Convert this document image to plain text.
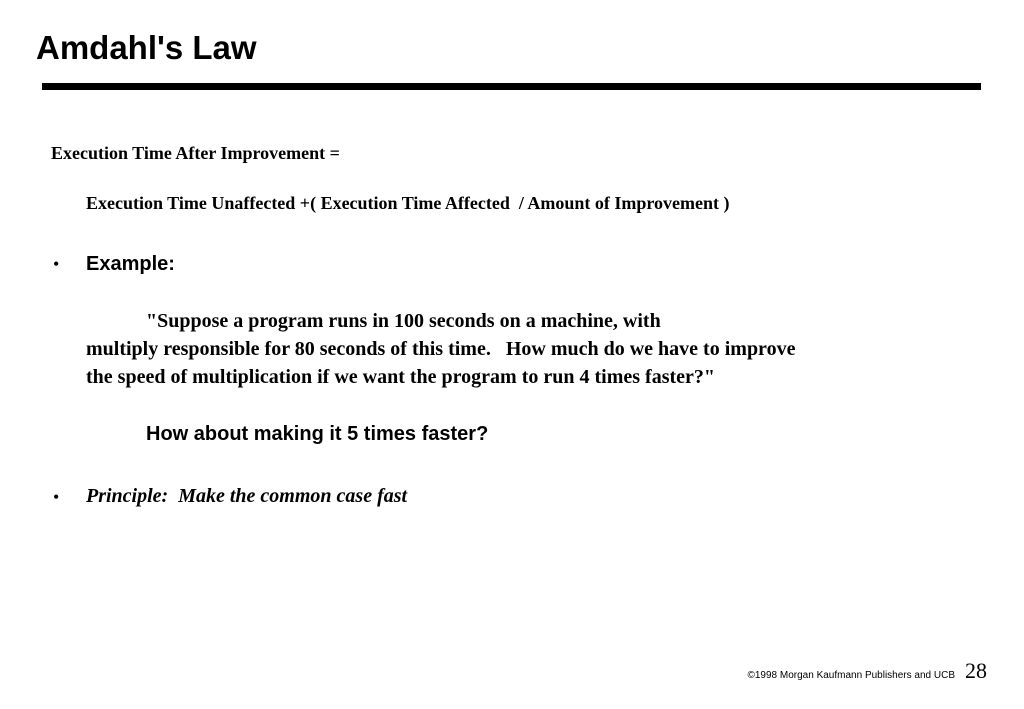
Amdahl's Law

Execution Time After Improvement =

Execution Time Unaffected +( Execution Time Affected  / Amount of Improvement )

• Example:

"Suppose a program runs in 100 seconds on a machine, with
multiply responsible for 80 seconds of this time.   How much do we have to improve
the speed of multiplication if we want the program to run 4 times faster?"

How about making it 5 times faster?

• Principle:  Make the common case fast

©1998 Morgan Kaufmann Publishers and UCB 28
